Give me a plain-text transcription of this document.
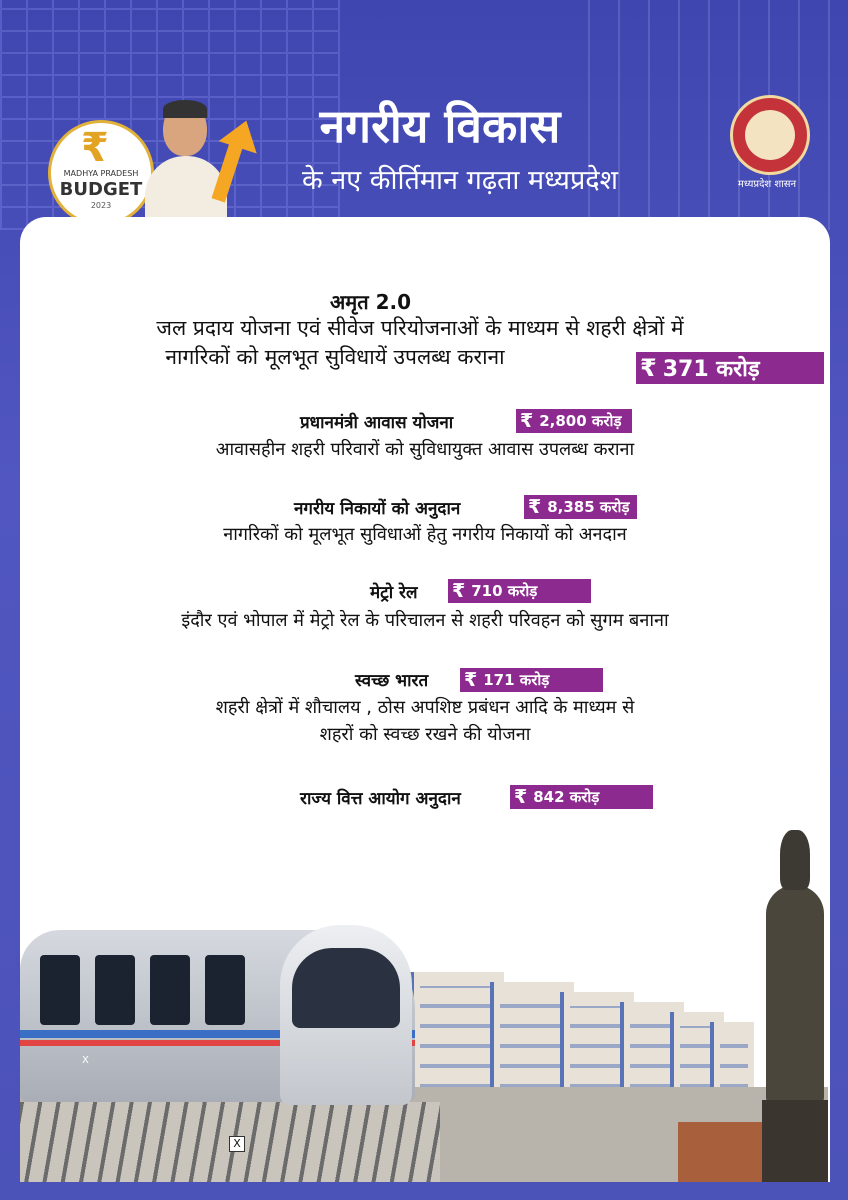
₹
MADHYA PRADESH
BUDGET
2023
नगरीय विकास
के नए कीर्तिमान गढ़ता मध्यप्रदेश	मध्यप्रदेश शासन
अमृत 2.0
जल प्रदाय योजना एवं सीवेज परियोजनाओं के माध्यम से शहरी क्षेत्रों में
नागरिकों को मूलभूत सुविधायें उपलब्ध कराना	₹ 371 करोड़
प्रधानमंत्री आवास योजना	₹ 2,800 करोड़
आवासहीन शहरी परिवारों को सुविधायुक्त आवास उपलब्ध कराना
नगरीय निकायों को अनुदान	₹ 8,385 करोड़
नागरिकों को मूलभूत सुविधाओं हेतु नगरीय निकायों को अनदान
मेट्रो रेल ₹ 710 करोड़
इंदौर एवं भोपाल में मेट्रो रेल के परिचालन से शहरी परिवहन को सुगम बनाना
स्वच्छ भारत ₹ 171 करोड़
शहरी क्षेत्रों में शौचालय , ठोस अपशिष्ट प्रबंधन आदि के माध्यम से
शहरों को स्वच्छ रखने की योजना
राज्य वित्त आयोग अनुदान	₹ 842 करोड़
X
X
